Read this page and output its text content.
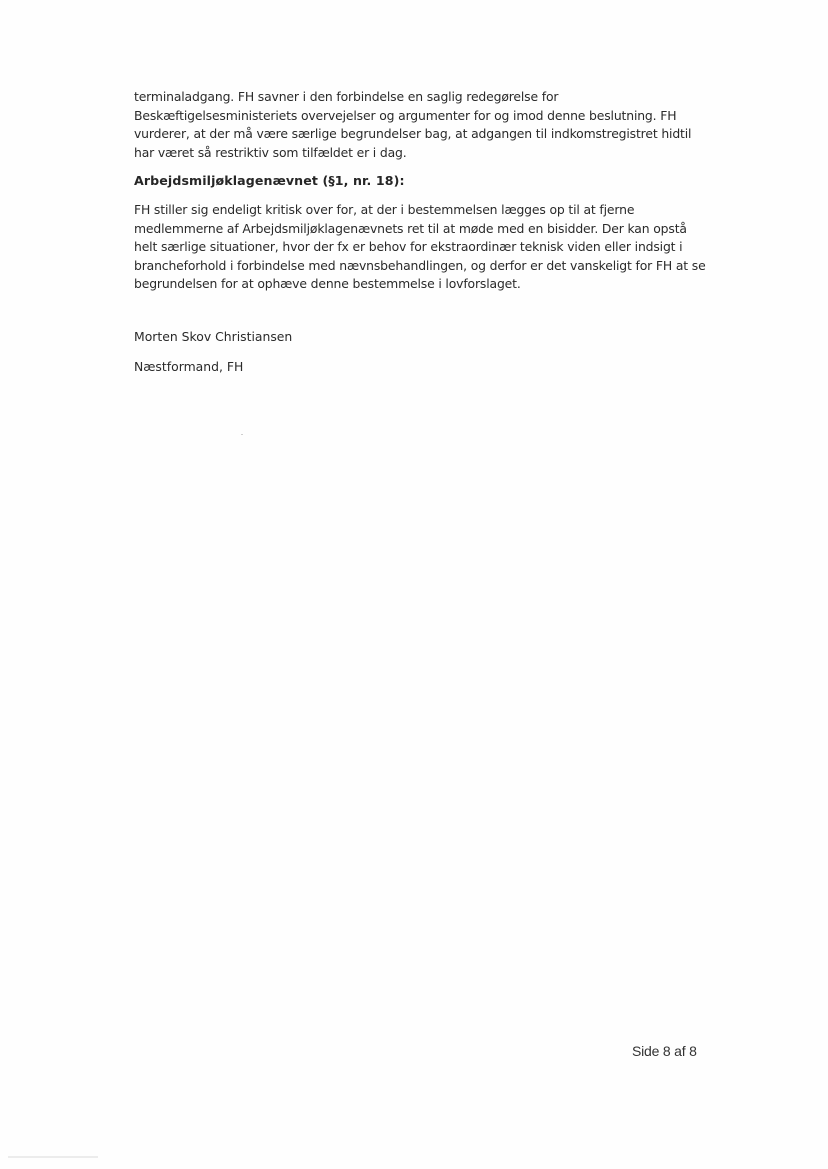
terminaladgang. FH savner i den forbindelse en saglig redegørelse for
Beskæftigelsesministeriets overvejelser og argumenter for og imod denne beslutning. FH
vurderer, at der må være særlige begrundelser bag, at adgangen til indkomstregistret hidtil
har været så restriktiv som tilfældet er i dag.

Arbejdsmiljøklagenævnet (§1, nr. 18):

FH stiller sig endeligt kritisk over for, at der i bestemmelsen lægges op til at fjerne
medlemmerne af Arbejdsmiljøklagenævnets ret til at møde med en bisidder. Der kan opstå
helt særlige situationer, hvor der fx er behov for ekstraordinær teknisk viden eller indsigt i
brancheforhold i forbindelse med nævnsbehandlingen, og derfor er det vanskeligt for FH at se
begrundelsen for at ophæve denne bestemmelse i lovforslaget.

Morten Skov Christiansen

Næstformand, FH

Side 8 af 8
